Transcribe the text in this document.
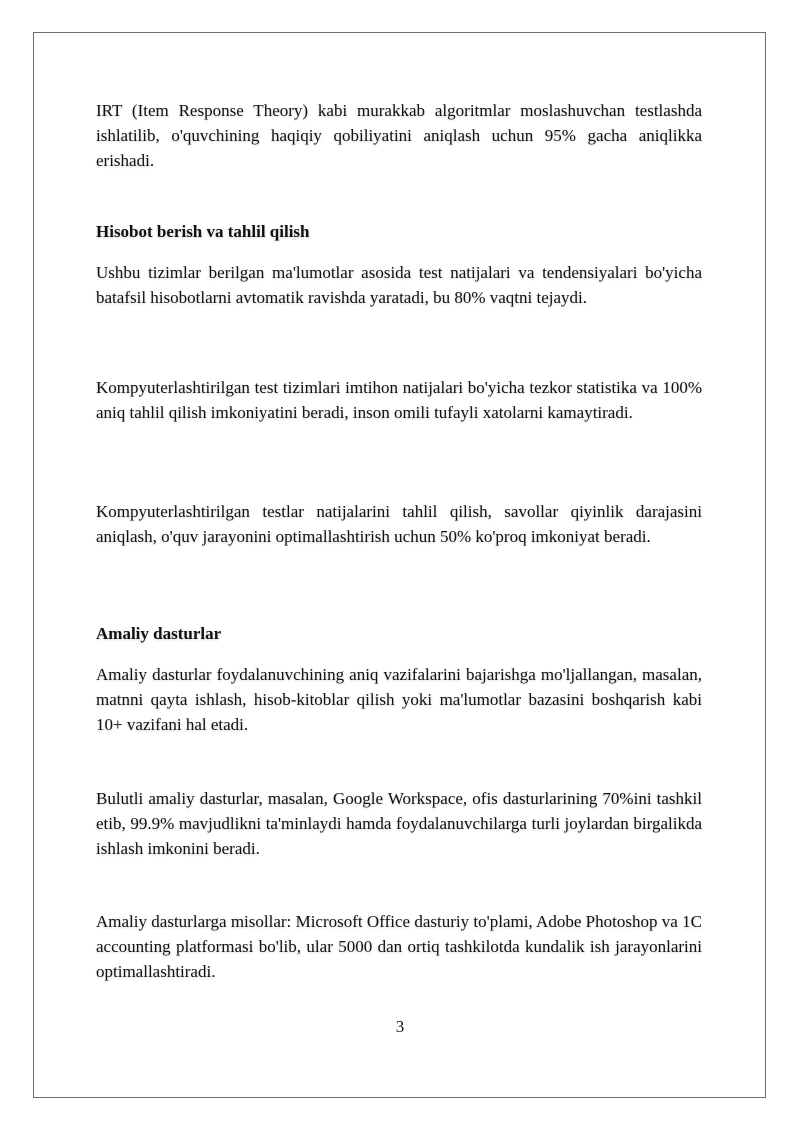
IRT (Item Response Theory) kabi murakkab algoritmlar moslashuvchan testlashda ishlatilib, o'quvchining haqiqiy qobiliyatini aniqlash uchun 95% gacha aniqlikka erishadi.

Hisobot berish va tahlil qilish

Ushbu tizimlar berilgan ma'lumotlar asosida test natijalari va tendensiyalari bo'yicha batafsil hisobotlarni avtomatik ravishda yaratadi, bu 80% vaqtni tejaydi.

Kompyuterlashtirilgan test tizimlari imtihon natijalari bo'yicha tezkor statistika va 100% aniq tahlil qilish imkoniyatini beradi, inson omili tufayli xatolarni kamaytiradi.

Kompyuterlashtirilgan testlar natijalarini tahlil qilish, savollar qiyinlik darajasini aniqlash, o'quv jarayonini optimallashtirish uchun 50% ko'proq imkoniyat beradi.

Amaliy dasturlar

Amaliy dasturlar foydalanuvchining aniq vazifalarini bajarishga mo'ljallangan, masalan, matnni qayta ishlash, hisob-kitoblar qilish yoki ma'lumotlar bazasini boshqarish kabi 10+ vazifani hal etadi.

Bulutli amaliy dasturlar, masalan, Google Workspace, ofis dasturlarining 70%ini tashkil etib, 99.9% mavjudlikni ta'minlaydi hamda foydalanuvchilarga turli joylardan birgalikda ishlash imkonini beradi.

Amaliy dasturlarga misollar: Microsoft Office dasturiy to'plami, Adobe Photoshop va 1C accounting platformasi bo'lib, ular 5000 dan ortiq tashkilotda kundalik ish jarayonlarini optimallashtiradi.

3
